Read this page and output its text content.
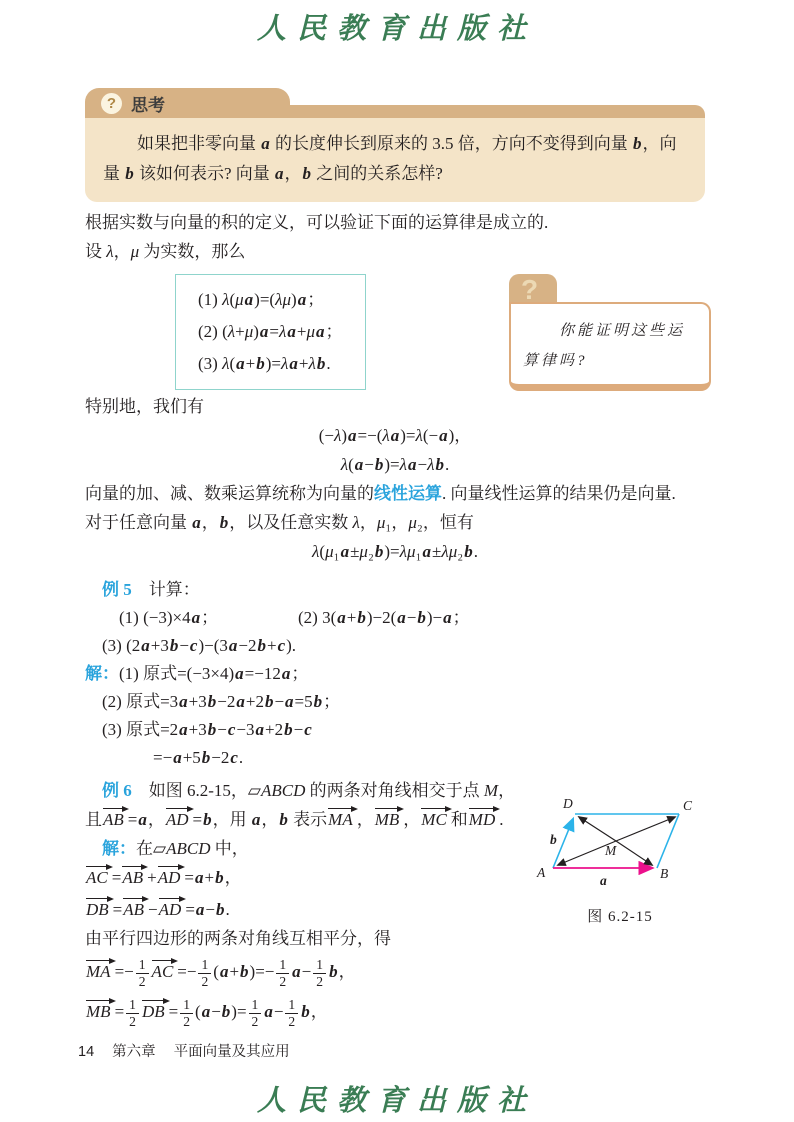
人民教育出版社
? 思考

如果把非零向量 a 的长度伸长到原来的 3.5 倍，方向不变得到向量 b，向量 b 该如何表示? 向量 a，b 之间的关系怎样?

根据实数与向量的积的定义，可以验证下面的运算律是成立的.

设 λ，μ 为实数，那么

(1) λ(μa)=(λμ)a；
(2) (λ+μ)a=λa+μa；
(3) λ(a+b)=λa+λb.
?

你能证明这些运算律吗?

特别地，我们有

(−λ)a=−(λa)=λ(−a)，

λ(a−b)=λa−λb.

向量的加、减、数乘运算统称为向量的线性运算. 向量线性运算的结果仍是向量.

对于任意向量 a，b，以及任意实数 λ，μ₁，μ₂，恒有

λ(μ₁a±μ₂b)=λμ₁a±λμ₂b.

例 5 计算：

(1) (−3)×4a；	(2) 3(a+b)−2(a−b)−a；

(3) (2a+3b−c)−(3a−2b+c).

解：(1) 原式=(−3×4)a=−12a；

(2) 原式=3a+3b−2a+2b−a=5b；

(3) 原式=2a+3b−c−3a+2b−c

=−a+5b−2c.

例 6 如图 6.2-15，▱ABCD 的两条对角线相交于点 M，

且AB =a，AD =b，用 a，b 表示MA ，MB ，MC 和MD .

解：在▱ABCD 中，

AC =AB +AD =a+b，

DB =AB −AD =a−b.

由平行四边形的两条对角线互相平分，得

MA =− $\frac{1}{2}$ AC =− $\frac{1}{2} (a+b)=- \frac{1}{2} a- \frac{1}{2}$ b，

MB = $\frac{1}{2}$ DB = $\frac{1}{2} (a-b)= \frac{1}{2} a- \frac{1}{2}$ b，

A	B
C
D
M
a
b
图 6.2-15
14 第六章 平面向量及其应用
人民教育出版社
